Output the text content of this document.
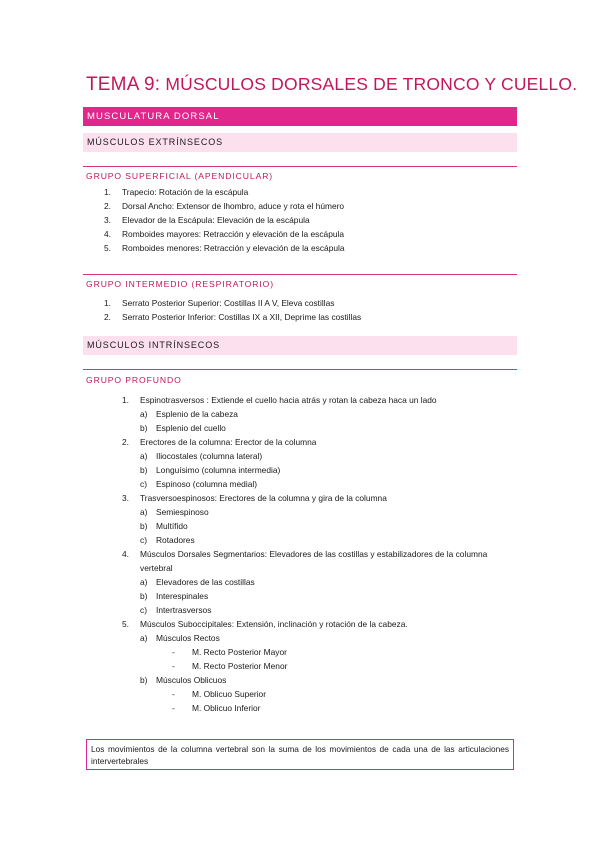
TEMA 9: MÚSCULOS DORSALES DE TRONCO Y CUELLO.
MUSCULATURA DORSAL
MÚSCULOS EXTRÍNSECOS
GRUPO SUPERFICIAL (APENDICULAR)
1. Trapecio: Rotación de la escápula
2. Dorsal Ancho: Extensor de lhombro, aduce y rota el húmero
3. Elevador de la Escápula: Elevación de la escápula
4. Romboides mayores: Retracción y elevación de la escápula
5. Romboides menores: Retracción y elevación de la escápula
GRUPO INTERMEDIO (RESPIRATORIO)
1. Serrato Posterior Superior: Costillas II A V, Eleva costillas
2. Serrato Posterior Inferior: Costillas IX a XII, Deprime las costillas
MÚSCULOS INTRÍNSECOS
GRUPO PROFUNDO
1. Espinotrasversos : Extiende el cuello hacia atrás y rotan la cabeza haca un lado
a) Esplenio de la cabeza
b) Esplenio del cuello
2. Erectores de la columna: Erector de la columna
a) Iliocostales (columna lateral)
b) Longuísimo (columna intermedia)
c) Espinoso (columna medial)
3. Trasversoespinosos: Erectores de la columna y gira de la columna
a) Semiespinoso
b) Multífido
c) Rotadores
4. Músculos Dorsales Segmentarios: Elevadores de las costillas y estabilizadores de la columna vertebral
a) Elevadores de las costillas
b) Interespinales
c) Intertrasversos
5. Músculos Suboccipitales: Extensión, inclinación y rotación de la cabeza.
a) Músculos Rectos
- M. Recto Posterior Mayor
- M. Recto Posterior Menor
b) Músculos Oblicuos
- M. Oblicuo Superior
- M. Oblicuo Inferior
Los movimientos de la columna vertebral son la suma de los movimientos de cada una de las articulaciones intervertebrales
